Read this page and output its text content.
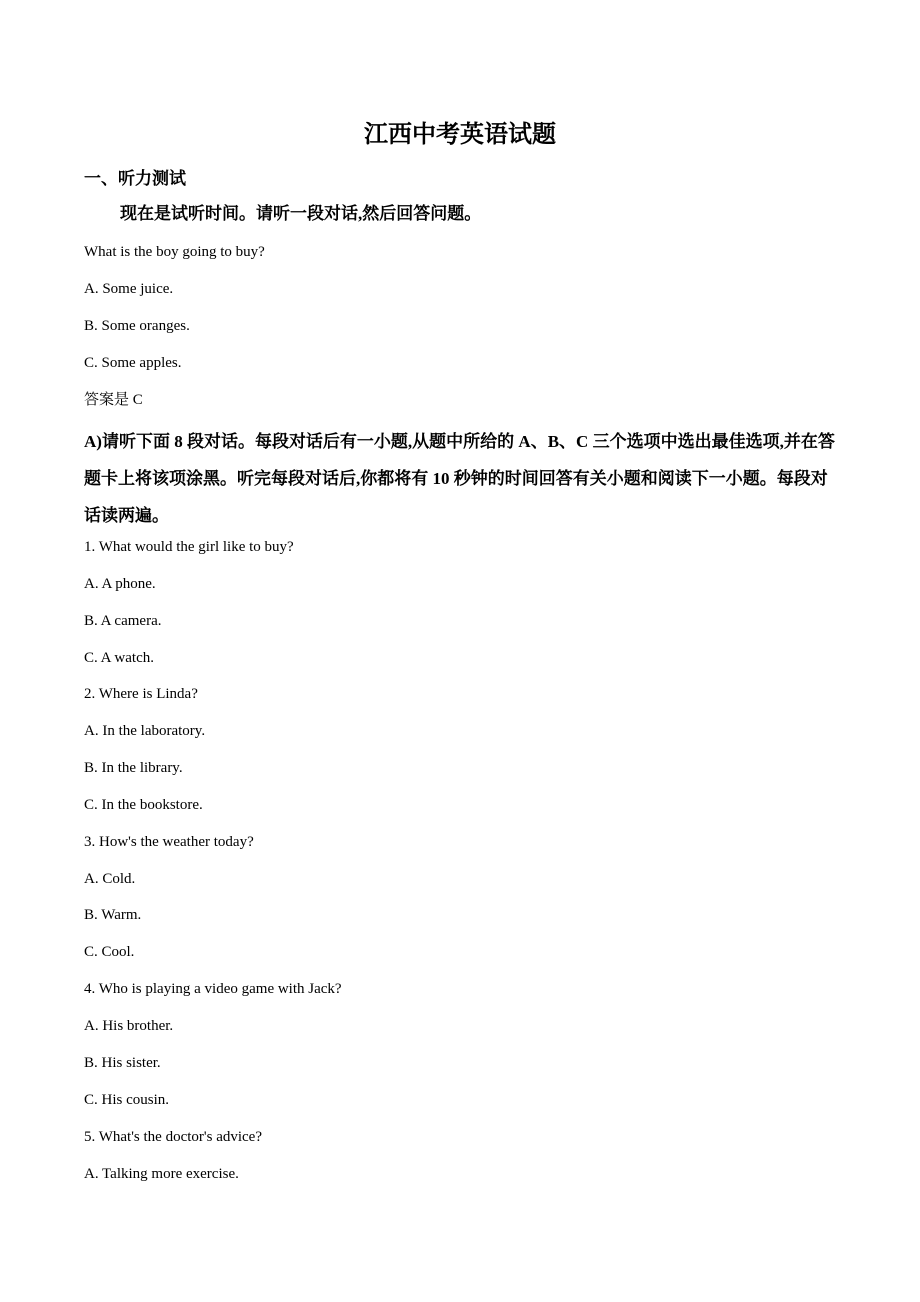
江西中考英语试题
一、听力测试
现在是试听时间。请听一段对话,然后回答问题。
What is the boy going to buy?
A. Some juice.
B. Some oranges.
C. Some apples.
答案是 C
A)请听下面 8 段对话。每段对话后有一小题,从题中所给的 A、B、C 三个选项中选出最佳选项,并在答题卡上将该项涂黑。听完每段对话后,你都将有 10 秒钟的时间回答有关小题和阅读下一小题。每段对话读两遍。
1. What would the girl like to buy?
A. A phone.
B. A camera.
C. A watch.
2. Where is Linda?
A. In the laboratory.
B. In the library.
C. In the bookstore.
3. How's the weather today?
A. Cold.
B. Warm.
C. Cool.
4. Who is playing a video game with Jack?
A. His brother.
B. His sister.
C. His cousin.
5. What's the doctor's advice?
A. Talking more exercise.
